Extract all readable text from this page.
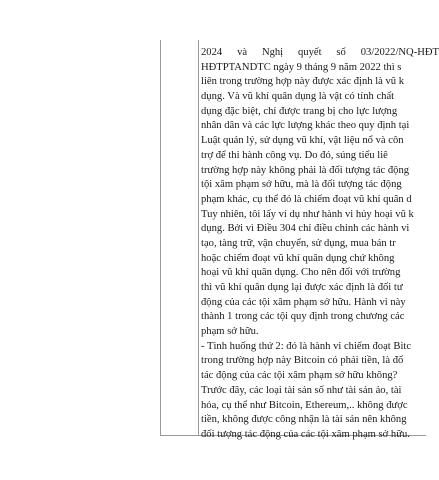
2024 và Nghị quyết số 03/2022/NQ-HĐT
HĐTPTANDTC ngày 9 tháng 9 năm 2022 thì s
liên trong trường hợp này được xác định là vũ k
dụng. Và vũ khí quân dụng là vật có tính chất
dụng đặc biệt, chỉ được trang bị cho lực lượng
nhân dân và các lực lượng khác theo quy định tại
Luật quản lý, sử dụng vũ khí, vật liệu nổ và côn
trợ để thi hành công vụ. Do đó, súng tiểu liê
trường hợp này không phải là đối tượng tác động
tội xâm phạm sở hữu, mà là đối tượng tác động
phạm khác, cụ thể đó là chiếm đoạt vũ khí quân d
Tuy nhiên, tôi lấy ví dụ như hành vi hủy hoại vũ k
dụng. Bởi vì Điều 304 chỉ điều chỉnh các hành vi
tạo, tàng trữ, vận chuyển, sử dụng, mua bán tr
hoặc chiếm đoạt vũ khí quân dụng chứ không
hoại vũ khí quân dụng. Cho nên đối với trường
thì vũ khí quân dụng lại được xác định là đối tư
động của các tội xâm phạm sở hữu. Hành vi này
thành 1 trong các tội quy định trong chương các
phạm sở hữu.
- Tình huống thứ 2: đó là hành vi chiếm đoạt Bitc
trong trường hợp này Bitcoin có phải tiền, là đố
tác động của các tội xâm phạm sở hữu không?
Trước đây, các loại tài sản số như tài sản ảo, tài
hóa, cụ thể như Bitcoin, Ethereum,.. không được
tiền, không được công nhận là tài sản nên không
đối tượng tác động của các tội xâm phạm sở hữu.
